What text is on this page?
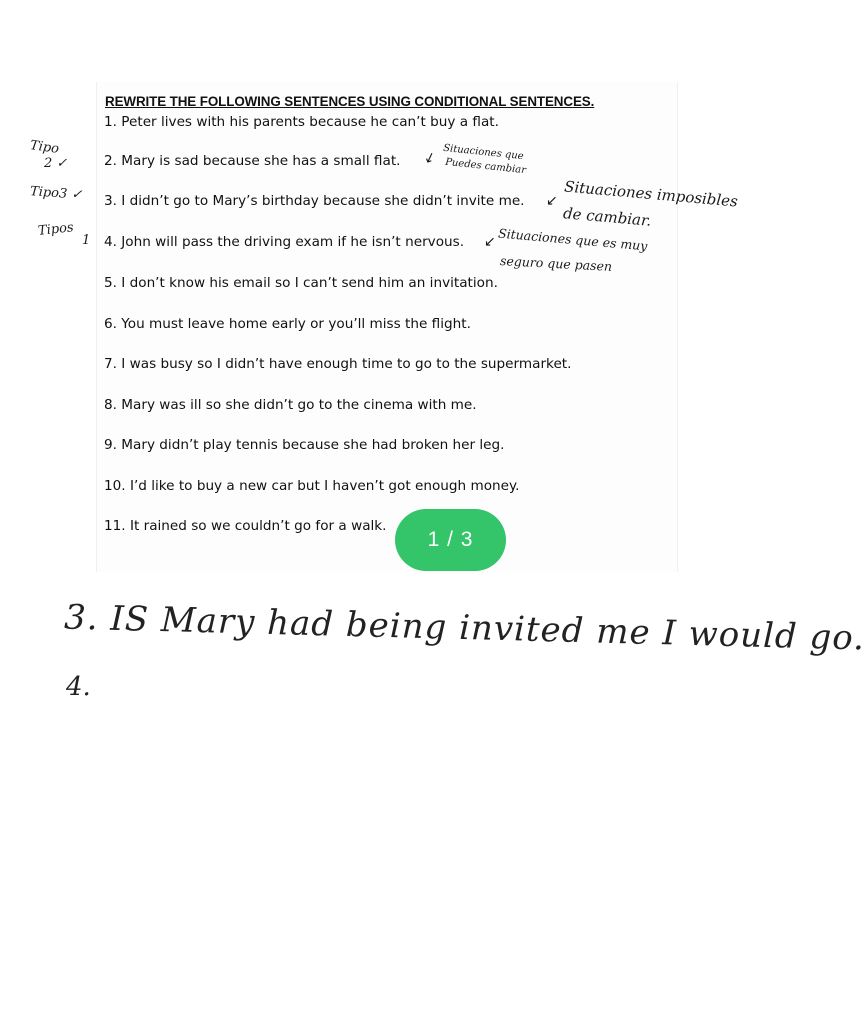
REWRITE THE FOLLOWING SENTENCES USING CONDITIONAL SENTENCES.
1. Peter lives with his parents because he can’t buy a flat.
2. Mary is sad because she has a small flat.
3. I didn’t go to Mary’s birthday because she didn’t invite me.
4. John will pass the driving exam if he isn’t nervous.
5. I don’t know his email so I can’t send him an invitation.
6. You must leave home early or you’ll miss the flight.
7. I was busy so I didn’t have enough time to go to the supermarket.
8. Mary was ill so she didn’t go to the cinema with me.
9. Mary didn’t play tennis because she had broken her leg.
10. I’d like to buy a new car but I haven’t got enough money.
11. It rained so we couldn’t go for a walk.
Tipo
2 ✓
Tipo3 ✓
Tipos
1
↙ Situaciones que
Puedes cambiar
↙ Situaciones imposibles
de cambiar.
↙ Situaciones que es muy
seguro que pasen
1 / 3
3. IS Mary had being invited me I would go.
4.
